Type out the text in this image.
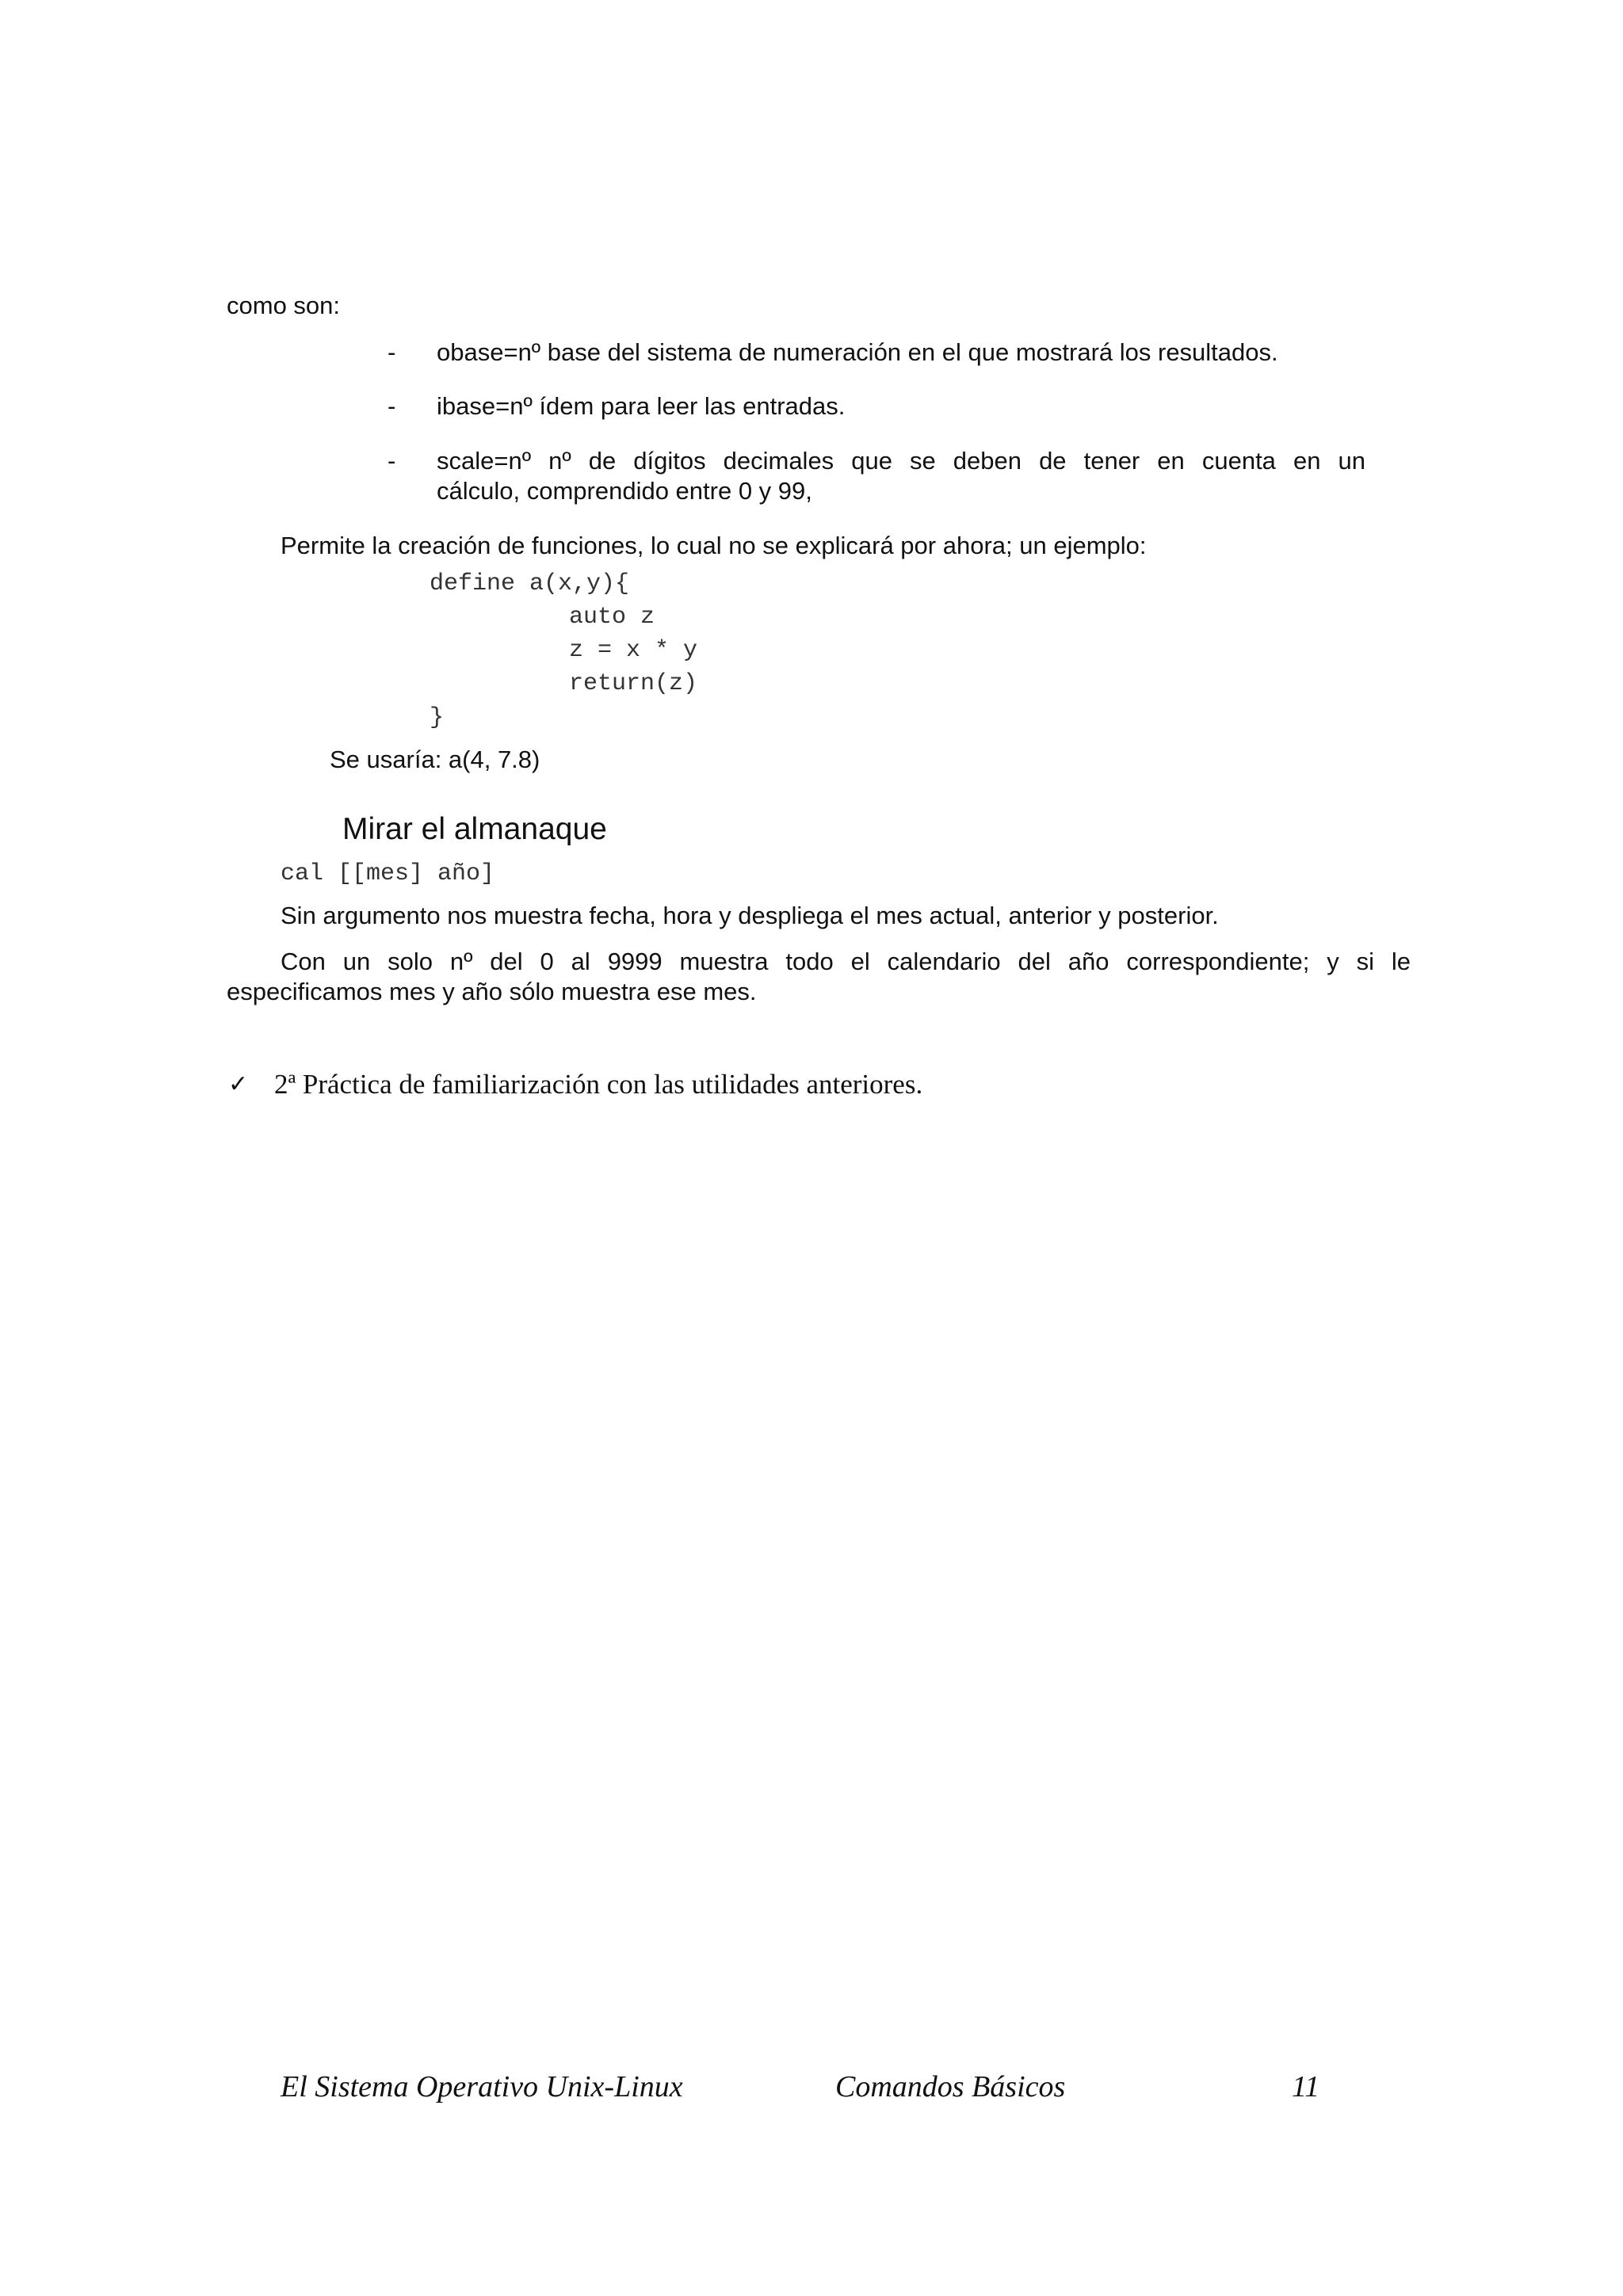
como son:
- obase=nº base del sistema de numeración en el que mostrará los resultados.
- ibase=nº ídem para leer las entradas.
- scale=nº nº de dígitos decimales que se deben de tener en cuenta en un
cálculo, comprendido entre 0 y 99,
Permite la creación de funciones, lo cual no se explicará por ahora; un ejemplo:
define a(x,y){
auto z
z = x * y
return(z)
}
Se usaría: a(4, 7.8)
Mirar el almanaque
cal [[mes] año]
Sin argumento nos muestra fecha, hora y despliega el mes actual, anterior y posterior.
Con un solo nº del 0 al 9999 muestra todo el calendario del año correspondiente; y si le
especificamos mes y año sólo muestra ese mes.
✓ 2ª Práctica de familiarización con las utilidades anteriores.
El Sistema Operativo Unix-Linux	Comandos Básicos	11
